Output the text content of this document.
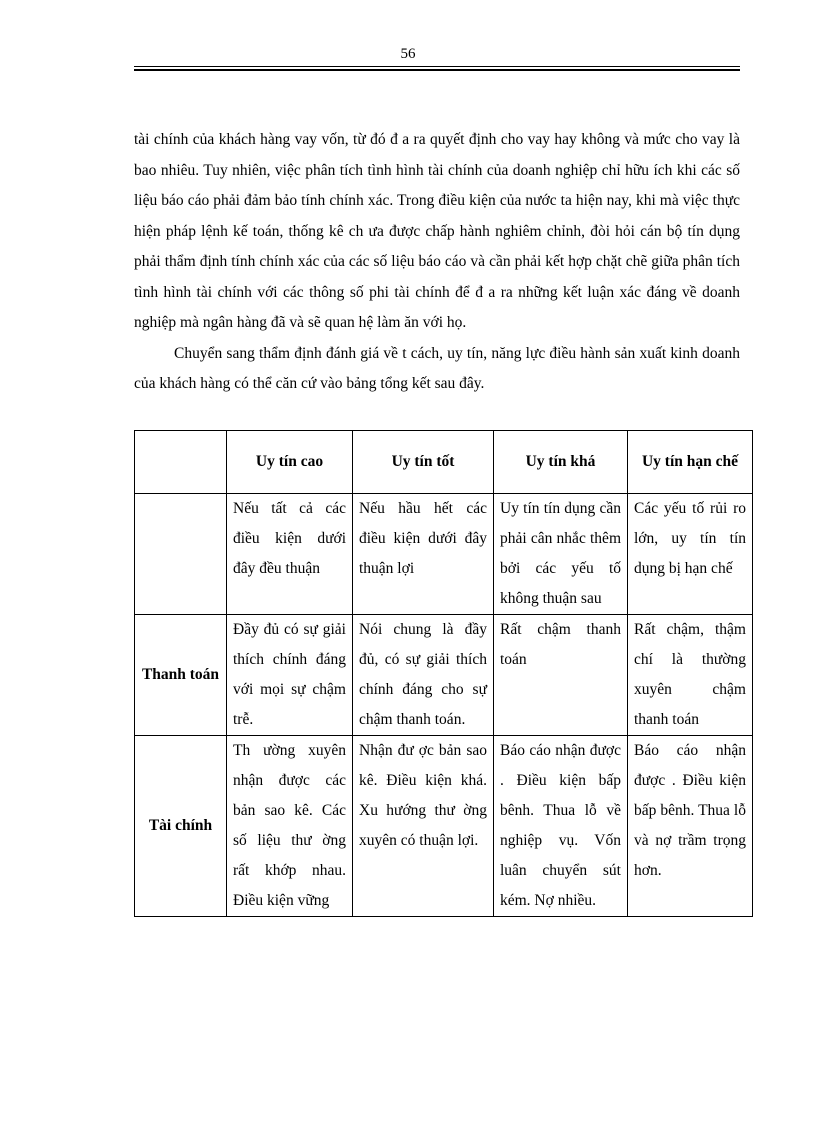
56

tài chính của khách hàng vay vốn, từ đó đ a ra quyết định cho vay hay không và mức cho vay là bao nhiêu. Tuy nhiên, việc phân tích tình hình tài chính của doanh nghiệp chỉ hữu ích khi các số liệu báo cáo phải đảm bảo tính chính xác. Trong điều kiện của nước ta hiện nay, khi mà việc thực hiện pháp lệnh kế toán, thống kê ch ưa được chấp hành nghiêm chỉnh, đòi hỏi cán bộ tín dụng phải thẩm định tính chính xác của các số liệu báo cáo và cần phải kết hợp chặt chẽ giữa phân tích tình hình tài chính với các thông số phi tài chính để đ a ra những kết luận xác đáng về doanh nghiệp mà ngân hàng đã và sẽ quan hệ làm ăn với họ.

Chuyển sang thẩm định đánh giá về t cách, uy tín, năng lực điều hành sản xuất kinh doanh của khách hàng có thể căn cứ vào bảng tổng kết sau đây.

	Uy tín cao	Uy tín tốt	Uy tín khá	Uy tín hạn chế
	Nếu tất cả các điều kiện dưới đây đều thuận	Nếu hầu hết các điều kiện dưới đây thuận lợi	Uy tín tín dụng cần phải cân nhắc thêm bởi các yếu tố không thuận sau	Các yếu tố rủi ro lớn, uy tín tín dụng bị hạn chế
Thanh toán	Đầy đủ có sự giải thích chính đáng với mọi sự chậm trễ.	Nói chung là đầy đủ, có sự giải thích chính đáng cho sự chậm thanh toán.	Rất chậm thanh toán	Rất chậm, thậm chí là thường xuyên chậm thanh toán
Tài chính	Th ường xuyên nhận được các bản sao kê. Các số liệu thư ờng rất khớp nhau. Điều kiện vững	Nhận đư ợc bản sao kê. Điều kiện khá. Xu hướng thư ờng xuyên có thuận lợi.	Báo cáo nhận được . Điều kiện bấp bênh. Thua lỗ về nghiệp vụ. Vốn luân chuyển sút kém. Nợ nhiều.	Báo cáo nhận được . Điều kiện bấp bênh. Thua lỗ và nợ trầm trọng hơn.
